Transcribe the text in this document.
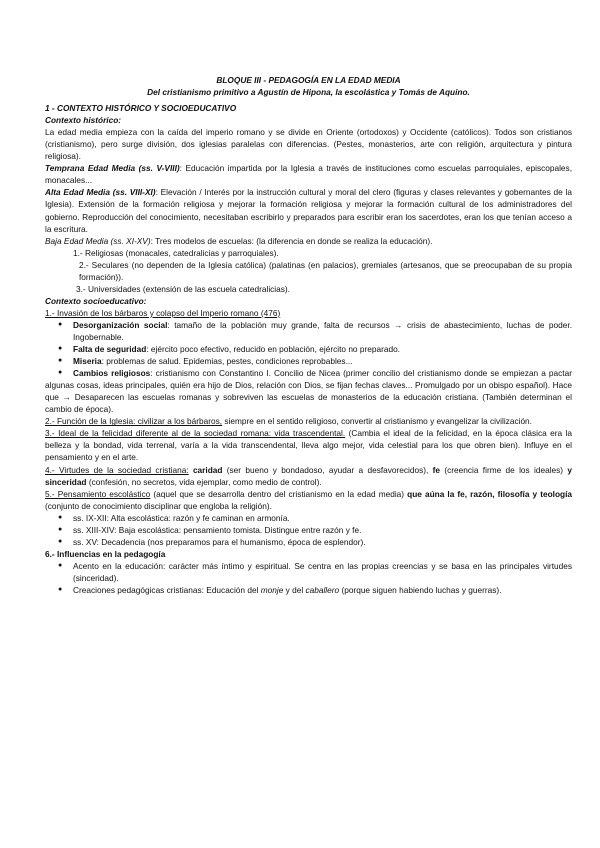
BLOQUE III - PEDAGOGÍA EN LA EDAD MEDIA

Del cristianismo primitivo a Agustín de Hipona, la escolástica y Tomás de Aquino.

1 - CONTEXTO HISTÓRICO Y SOCIOEDUCATIVO

Contexto histórico:

La edad media empieza con la caída del imperio romano y se divide en Oriente (ortodoxos) y Occidente (católicos). Todos son cristianos (cristianismo), pero surge división, dos iglesias paralelas con diferencias. (Pestes, monasterios, arte con religión, arquitectura y pintura religiosa).

Temprana Edad Media (ss. V-VIII): Educación impartida por la Iglesia a través de instituciones como escuelas parroquiales, episcopales, monacales...

Alta Edad Media (ss. VIII-XI): Elevación / Interés por la instrucción cultural y moral del clero (figuras y clases relevantes y gobernantes de la Iglesia). Extensión de la formación religiosa y mejorar la formación religiosa y mejorar la formación cultural de los administradores del gobierno. Reproducción del conocimiento, necesitaban escribirlo y preparados para escribir eran los sacerdotes, eran los que tenían acceso a la escritura.

Baja Edad Media (ss. XI-XV): Tres modelos de escuelas: (la diferencia en donde se realiza la educación).

1.- Religiosas (monacales, catedralicias y parroquiales).

2.- Seculares (no dependen de la Iglesia católica) (palatinas (en palacios), gremiales (artesanos, que se preocupaban de su propia formación)).

3.- Universidades (extensión de las escuela catedralicias).

Contexto socioeducativo:

1.- Invasión de los bárbaros y colapso del Imperio romano (476)

● Desorganización social: tamaño de la población muy grande, falta de recursos → crisis de abastecimiento, luchas de poder. Ingobernable.

● Falta de seguridad: ejército poco efectivo, reducido en población, ejército no preparado.

● Miseria: problemas de salud. Epidemias, pestes, condiciones reprobables...

● Cambios religiosos: cristianismo con Constantino I. Concilio de Nicea (primer concilio del cristianismo donde se empiezan a pactar algunas cosas, ideas principales, quién era hijo de Dios, relación con Dios, se fijan fechas claves... Promulgado por un obispo español). Hace que → Desaparecen las escuelas romanas y sobreviven las escuelas de monasterios de la educación cristiana. (También determinan el cambio de época).

2.- Función de la Iglesia: civilizar a los bárbaros, siempre en el sentido religioso, convertir al cristianismo y evangelizar la civilización.

3.- Ideal de la felicidad diferente al de la sociedad romana: vida trascendental. (Cambia el ideal de la felicidad, en la época clásica era la belleza y la bondad, vida terrenal, varía a la vida transcendental, lleva algo mejor, vida celestial para los que obren bien). Influye en el pensamiento y en el arte.

4.- Virtudes de la sociedad cristiana: caridad (ser bueno y bondadoso, ayudar a desfavorecidos), fe (creencia firme de los ideales) y sinceridad (confesión, no secretos, vida ejemplar, como medio de control).

5.- Pensamiento escolástico (aquel que se desarrolla dentro del cristianismo en la edad media) que aúna la fe, razón, filosofía y teología (conjunto de conocimiento disciplinar que engloba la religión).

● ss. IX-XII: Alta escolástica: razón y fe caminan en armonía.

● ss. XIII-XIV: Baja escolástica: pensamiento tomista. Distingue entre razón y fe.

● ss. XV: Decadencia (nos preparamos para el humanismo, época de esplendor).

6.- Influencias en la pedagogía

● Acento en la educación: carácter más íntimo y espiritual. Se centra en las propias creencias y se basa en las principales virtudes (sinceridad).

● Creaciones pedagógicas cristianas: Educación del monje y del caballero (porque siguen habiendo luchas y guerras).
